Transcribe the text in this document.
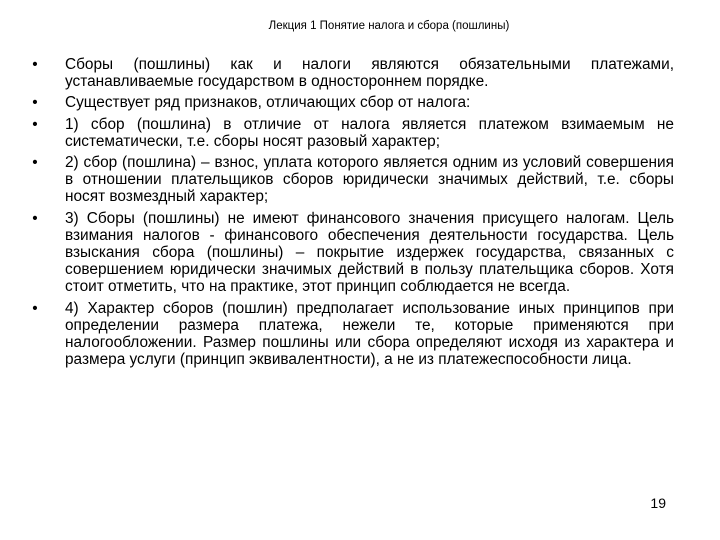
Лекция 1 Понятие налога и сбора (пошлины)
• Сборы (пошлины) как и налоги являются обязательными платежами, устанавливаемые государством в одностороннем порядке.
• Существует ряд признаков, отличающих сбор от налога:
• 1) сбор (пошлина) в отличие от налога является платежом взимаемым не систематически, т.е. сборы носят разовый характер;
• 2) сбор (пошлина) – взнос, уплата которого является одним из условий совершения в отношении плательщиков сборов юридически значимых действий, т.е. сборы носят возмездный характер;
• 3) Сборы (пошлины) не имеют финансового значения присущего налогам. Цель взимания налогов - финансового обеспечения деятельности государства. Цель взыскания сбора (пошлины) – покрытие издержек государства, связанных с совершением юридически значимых действий в пользу плательщика сборов. Хотя стоит отметить, что на практике, этот принцип соблюдается не всегда.
• 4) Характер сборов (пошлин) предполагает использование иных принципов при определении размера платежа, нежели те, которые применяются при налогообложении. Размер пошлины или сбора определяют исходя из характера и размера услуги (принцип эквивалентности), а не из платежеспособности лица.
19
